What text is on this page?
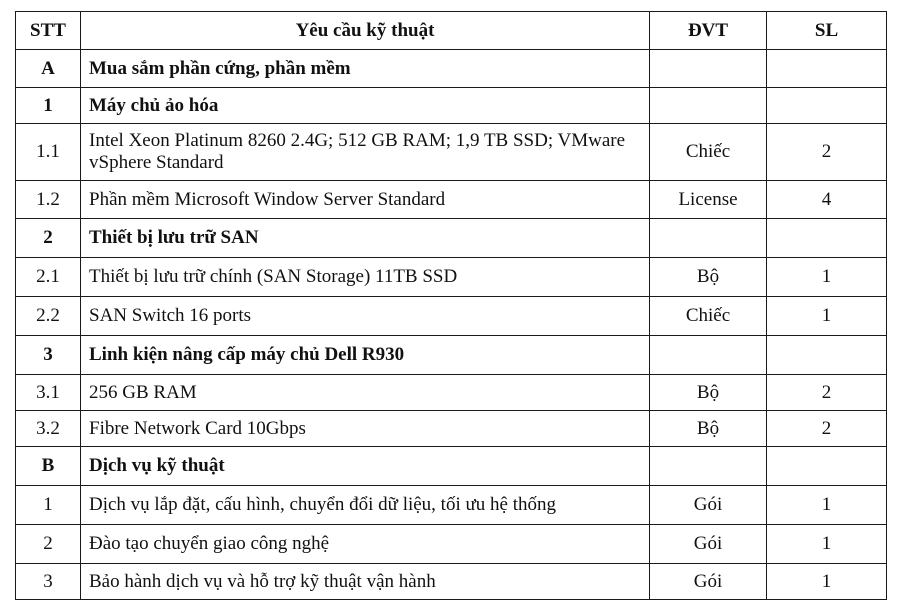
STT	Yêu cầu kỹ thuật	ĐVT	SL
A	Mua sắm phần cứng, phần mềm		
1	Máy chủ ảo hóa		
1.1	Intel Xeon Platinum 8260 2.4G; 512 GB RAM; 1,9 TB SSD; VMware vSphere Standard	Chiếc	2
1.2	Phần mềm Microsoft Window Server Standard	License	4
2	Thiết bị lưu trữ SAN		
2.1	Thiết bị lưu trữ chính (SAN Storage) 11TB SSD	Bộ	1
2.2	SAN Switch 16 ports	Chiếc	1
3	Linh kiện nâng cấp máy chủ Dell R930		
3.1	256 GB RAM	Bộ	2
3.2	Fibre Network Card 10Gbps	Bộ	2
B	Dịch vụ kỹ thuật		
1	Dịch vụ lắp đặt, cấu hình, chuyển đổi dữ liệu, tối ưu hệ thống	Gói	1
2	Đào tạo chuyển giao công nghệ	Gói	1
3	Bảo hành dịch vụ và hỗ trợ kỹ thuật vận hành	Gói	1
